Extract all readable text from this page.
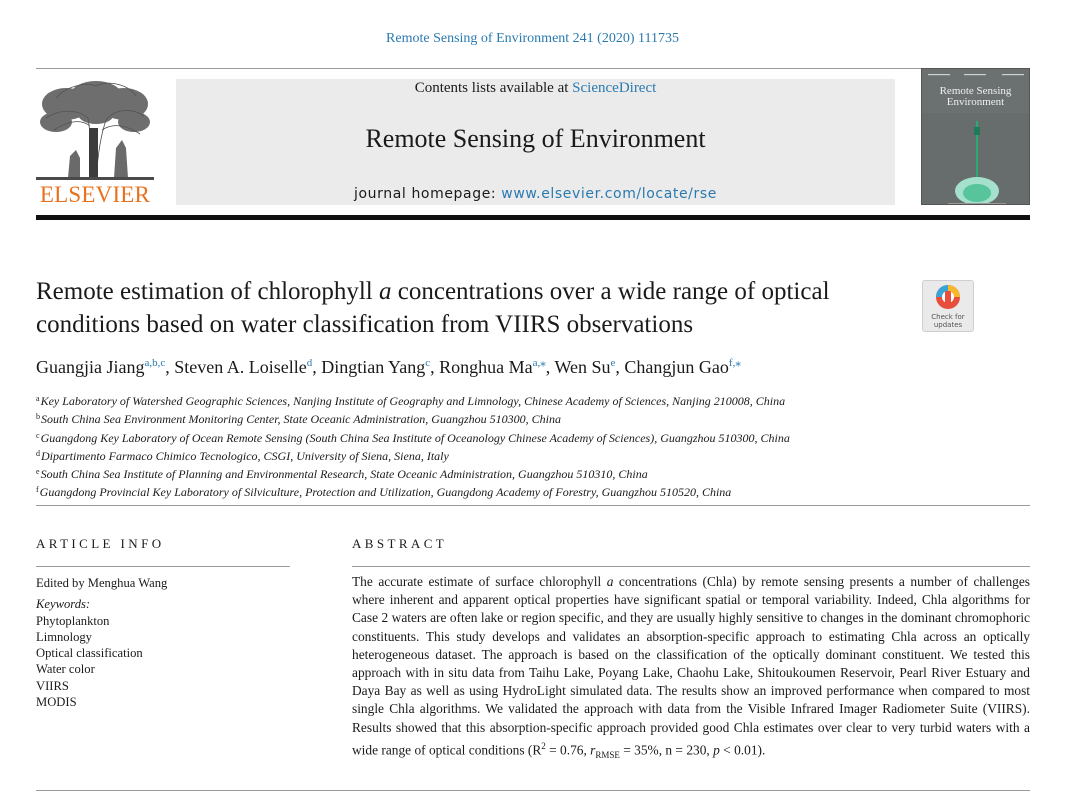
Remote Sensing of Environment 241 (2020) 111735
ELSEVIER
Contents lists available at ScienceDirect
Remote Sensing of Environment
journal homepage: www.elsevier.com/locate/rse
Remote Sensing
Environment
Remote estimation of chlorophyll a concentrations over a wide range of optical conditions based on water classification from VIIRS observations	Check for
updates
Guangjia Jiang$^{a,b,c}$, Steven A. Loiselle$^d$, Dingtian Yang$^c$, Ronghua $Ma^{a,⁎}$, Wen Su$^e$, Changjun Gao$^{f,⁎}$
$^a$Key Laboratory of Watershed Geographic Sciences, Nanjing Institute of Geography and Limnology, Chinese Academy of Sciences, Nanjing 210008, China
$^b$South China Sea Environment Monitoring Center, State Oceanic Administration, Guangzhou 510300, China
$^c$Guangdong Key Laboratory of Ocean Remote Sensing (South China Sea Institute of Oceanology Chinese Academy of Sciences), Guangzhou 510300, China
$^d$Dipartimento Farmaco Chimico Tecnologico, CSGI, University of Siena, Siena, Italy
$^e$South China Sea Institute of Planning and Environmental Research, State Oceanic Administration, Guangzhou 510310, China
$^f$Guangdong Provincial Key Laboratory of Silviculture, Protection and Utilization, Guangdong Academy of Forestry, Guangzhou 510520, China
ARTICLE INFO	ABSTRACT
Edited by Menghua Wang
Keywords:
Phytoplankton
Limnology
Optical classification
Water color
VIIRS
MODIS
The accurate estimate of surface chlorophyll a concentrations (Chla) by remote sensing presents a number of challenges where inherent and apparent optical properties have significant spatial or temporal variability. Indeed, Chla algorithms for Case 2 waters are often lake or region specific, and they are usually highly sensitive to changes in the dominant chromophoric constituents. This study develops and validates an absorption-specific approach to estimating Chla across an optically heterogeneous dataset. The approach is based on the classification of the optically dominant constituent. We tested this approach with in situ data from Taihu Lake, Poyang Lake, Chaohu Lake, Shitoukoumen Reservoir, Pearl River Estuary and Daya Bay as well as using HydroLight simulated data. The results show an improved performance when compared to most single Chla algorithms. We validated the approach with data from the Visible Infrared Imager Radiometer Suite (VIIRS). Results showed that this absorption-specific approach provided good Chla estimates over clear to very turbid waters with a wide range of optical conditions ($R^2 = 0.76$, $r_{RMSE} = 35\%$, n = 230, p < 0.01).
